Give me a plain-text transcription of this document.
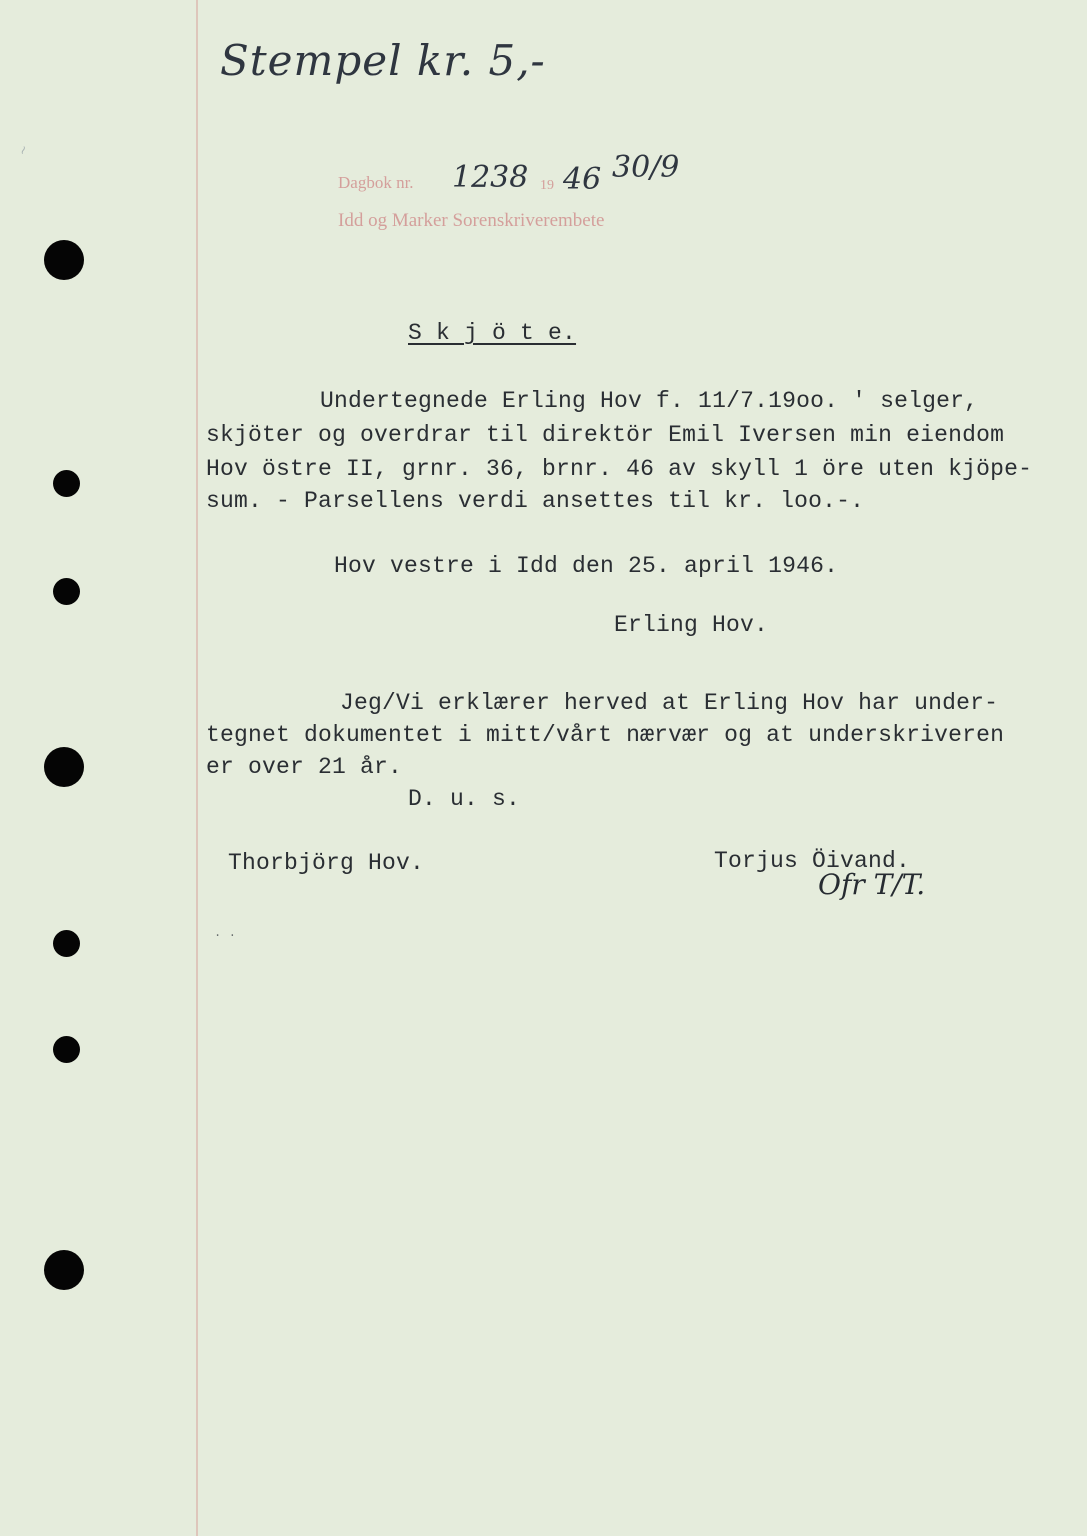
~
Stempel kr. 5,-
Dagbok nr. 1238 19 46 30/9
Idd og Marker Sorenskriverembete
S k j ö t e.
Undertegnede Erling Hov f. 11/7.19oo. ' selger,
skjöter og overdrar til direktör Emil Iversen min eiendom
Hov östre II, grnr. 36, brnr. 46 av skyll 1 öre uten kjöpe-
sum. - Parsellens verdi ansettes til kr. loo.-.
Hov vestre i Idd den 25. april 1946.
Erling Hov.
Jeg/Vi erklærer herved at Erling Hov har under-
tegnet dokumentet i mitt/vårt nærvær og at underskriveren
er over 21 år.
D. u. s.
Thorbjörg Hov.	Torjus Öivand.
Ofr T/T.
. .
